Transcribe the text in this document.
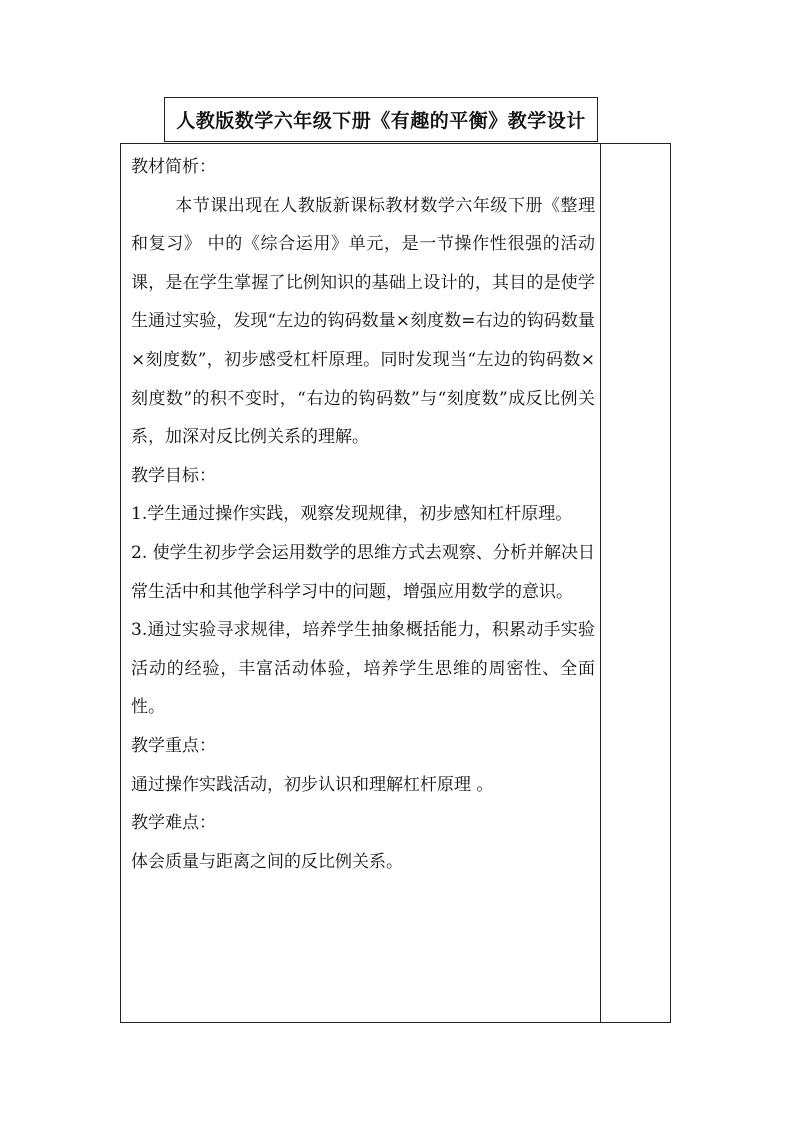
人教版数学六年级下册《有趣的平衡》教学设计

教材简析：

本节课出现在人教版新课标教材数学六年级下册《整理和复习》 中的《综合运用》单元，是一节操作性很强的活动课，是在学生掌握了比例知识的基础上设计的，其目的是使学生通过实验，发现“左边的钩码数量×刻度数=右边的钩码数量×刻度数”，初步感受杠杆原理。同时发现当“左边的钩码数×刻度数”的积不变时，“右边的钩码数”与“刻度数”成反比例关系，加深对反比例关系的理解。

教学目标：

1.学生通过操作实践，观察发现规律，初步感知杠杆原理。

2. 使学生初步学会运用数学的思维方式去观察、分析并解决日常生活中和其他学科学习中的问题，增强应用数学的意识。

3.通过实验寻求规律，培养学生抽象概括能力，积累动手实验活动的经验，丰富活动体验，培养学生思维的周密性、全面性。

教学重点：

通过操作实践活动，初步认识和理解杠杆原理 。

教学难点：

体会质量与距离之间的反比例关系。
